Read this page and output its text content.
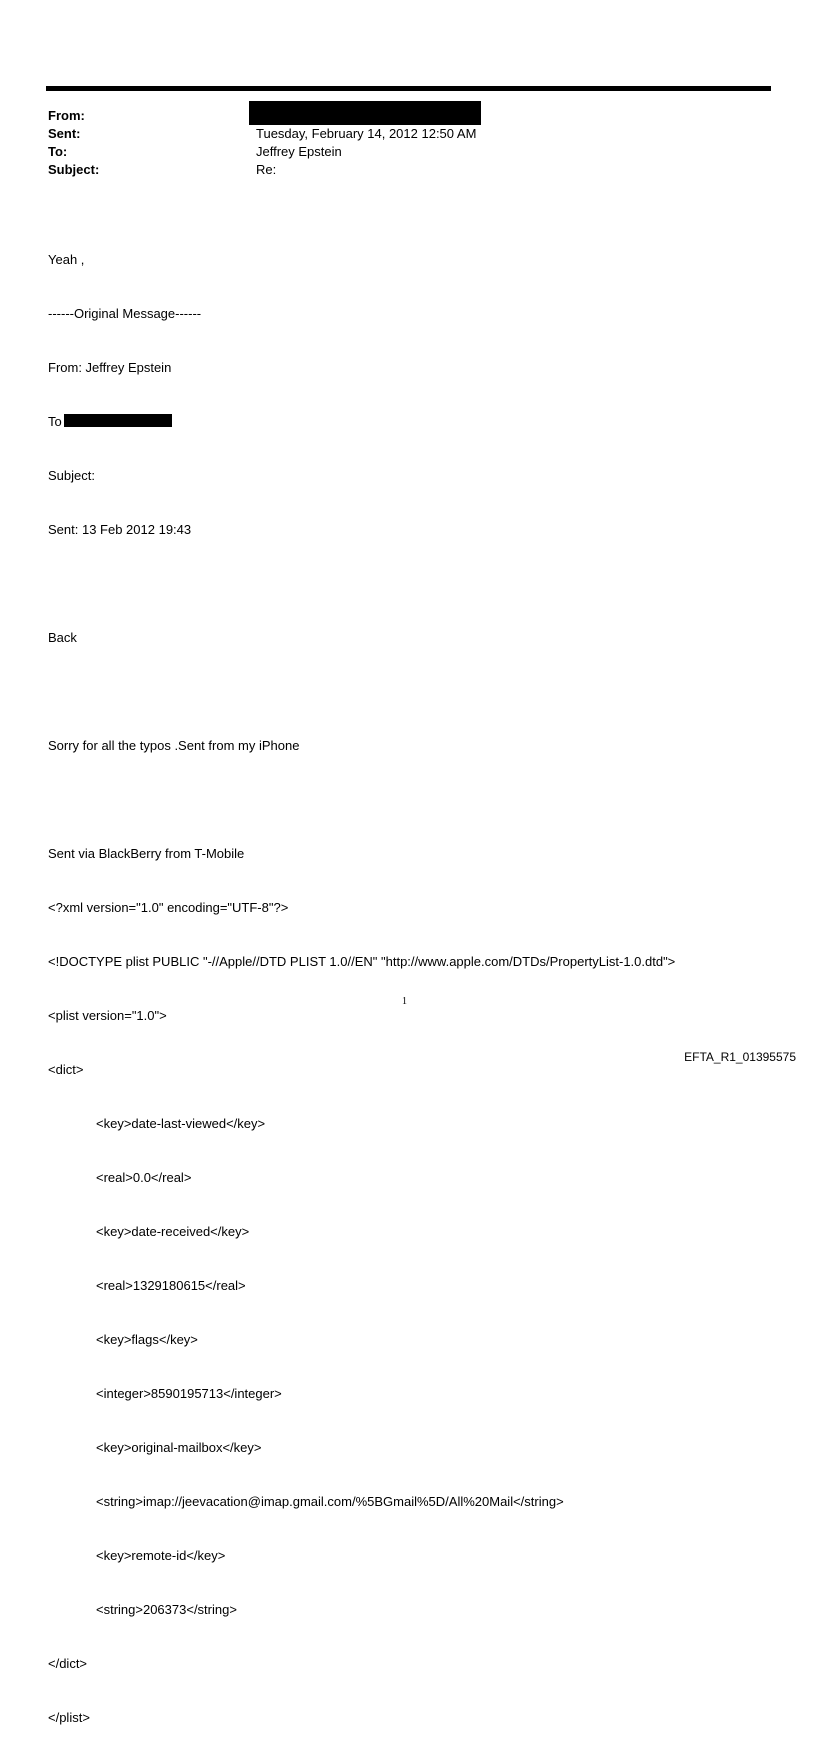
From:
Sent:	Tuesday, February 14, 2012 12:50 AM
To:	Jeffrey Epstein
Subject:	Re:

Yeah ,

------Original Message------

From: Jeffrey Epstein

To

Subject:

Sent: 13 Feb 2012 19:43

Back

Sorry for all the typos .Sent from my iPhone

Sent via BlackBerry from T-Mobile

<?xml version="1.0" encoding="UTF-8"?>

<!DOCTYPE plist PUBLIC "-//Apple//DTD PLIST 1.0//EN" "http://www.apple.com/DTDs/PropertyList-1.0.dtd">

<plist version="1.0">

<dict>

<key>date-last-viewed</key>

<real>0.0</real>

<key>date-received</key>

<real>1329180615</real>

<key>flags</key>

<integer>8590195713</integer>

<key>original-mailbox</key>

<string>imap://jeevacation@imap.gmail.com/%5BGmail%5D/All%20Mail</string>

<key>remote-id</key>

<string>206373</string>

</dict>

</plist>

1
EFTA_R1_01395575
